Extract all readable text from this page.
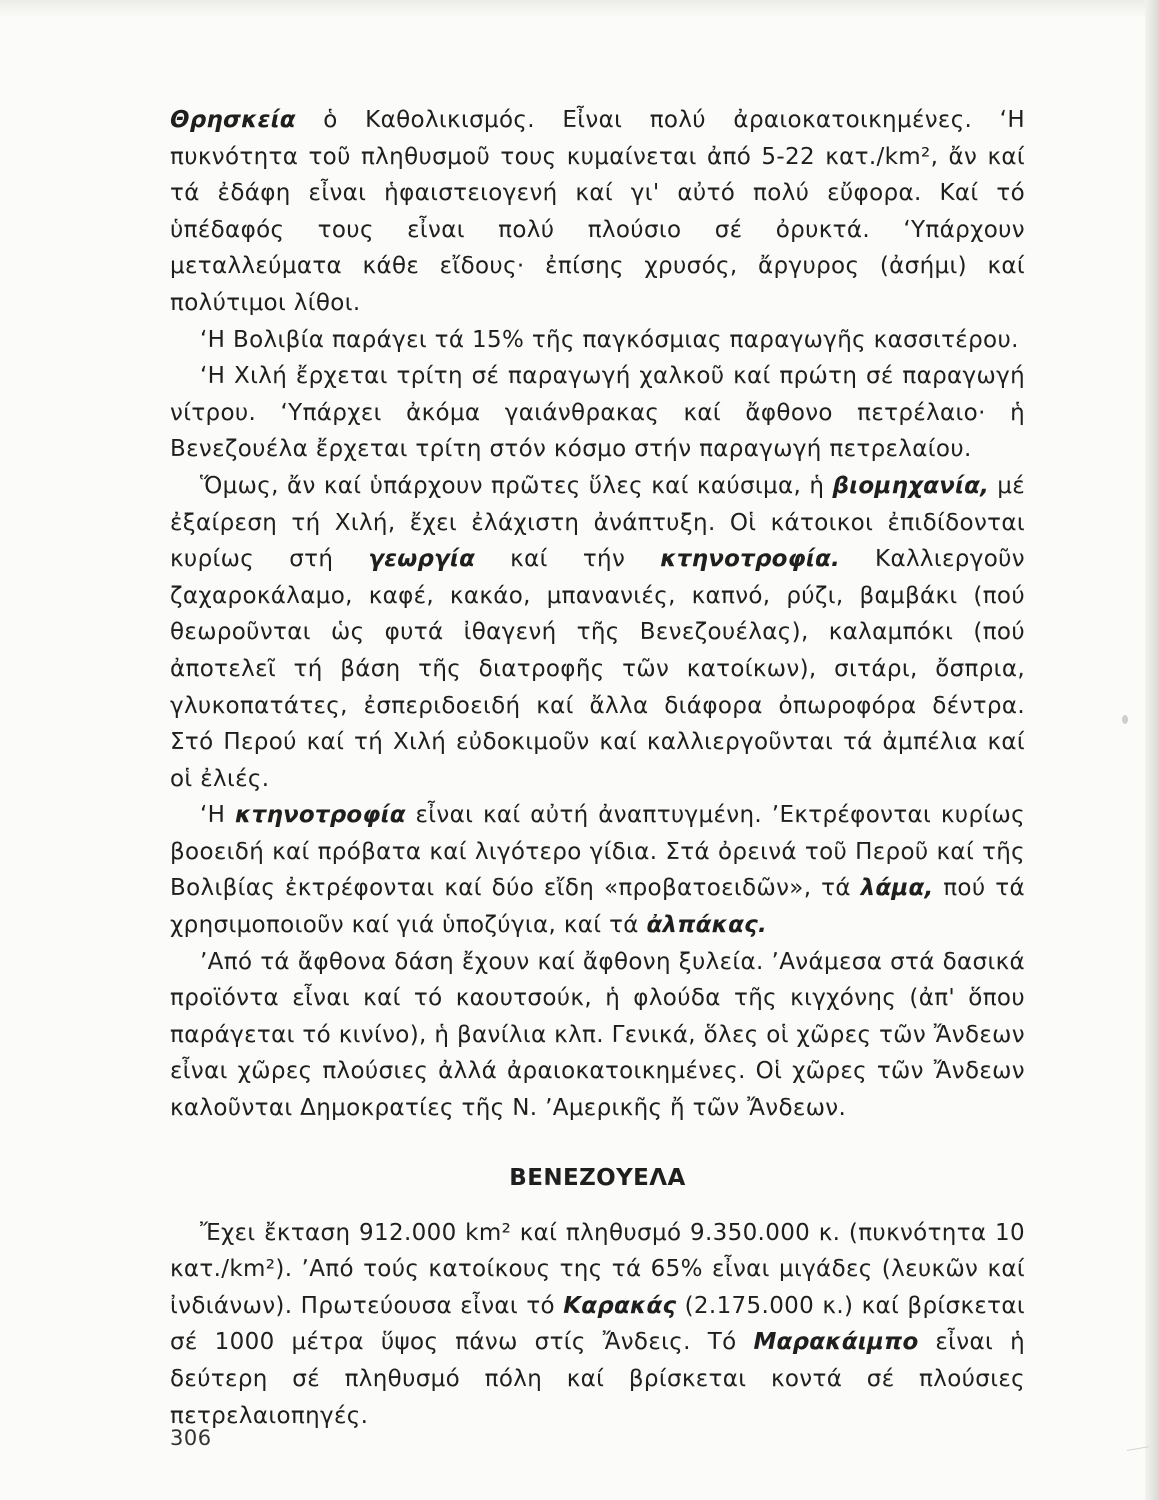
Θρησκεία ὁ Καθολικισμός. Εἶναι πολύ ἀραιοκατοικημένες. ʻΗ πυκνότητα τοῦ πληθυσμοῦ τους κυμαίνεται ἀπό 5-22 κατ./km², ἄν καί τά ἐδάφη εἶναι ἡφαιστειογενή καί γι' αὐτό πολύ εὔφορα. Καί τό ὑπέδαφός τους εἶναι πολύ πλούσιο σέ ὀρυκτά. ʻΥπάρχουν μεταλλεύματα κάθε εἴδους· ἐπίσης χρυσός, ἄργυρος (ἀσήμι) καί πολύτιμοι λίθοι.

ʻΗ Βολιβία παράγει τά 15% τῆς παγκόσμιας παραγωγῆς κασσιτέρου.

ʻΗ Χιλή ἔρχεται τρίτη σέ παραγωγή χαλκοῦ καί πρώτη σέ παραγωγή νίτρου. ʻΥπάρχει ἀκόμα γαιάνθρακας καί ἄφθονο πετρέλαιο· ἡ Βενεζουέλα ἔρχεται τρίτη στόν κόσμο στήν παραγωγή πετρελαίου.

Ὅμως, ἄν καί ὑπάρχουν πρῶτες ὕλες καί καύσιμα, ἡ βιομηχανία, μέ ἐξαίρεση τή Χιλή, ἔχει ἐλάχιστη ἀνάπτυξη. Οἱ κάτοικοι ἐπιδίδονται κυρίως στή γεωργία καί τήν κτηνοτροφία. Καλλιεργοῦν ζαχαροκάλαμο, καφέ, κακάο, μπανανιές, καπνό, ρύζι, βαμβάκι (πού θεωροῦνται ὡς φυτά ἰθαγενή τῆς Βενεζουέλας), καλαμπόκι (πού ἀποτελεῖ τή βάση τῆς διατροφῆς τῶν κατοίκων), σιτάρι, ὄσπρια, γλυκοπατάτες, ἐσπεριδοειδή καί ἄλλα διάφορα ὀπωροφόρα δέντρα. Στό Περού καί τή Χιλή εὐδοκιμοῦν καί καλλιεργοῦνται τά ἀμπέλια καί οἱ ἐλιές.

ʻΗ κτηνοτροφία εἶναι καί αὐτή ἀναπτυγμένη. ʼΕκτρέφονται κυρίως βοοειδή καί πρόβατα καί λιγότερο γίδια. Στά ὀρεινά τοῦ Περοῦ καί τῆς Βολιβίας ἐκτρέφονται καί δύο εἴδη «προβατοειδῶν», τά λάμα, πού τά χρησιμοποιοῦν καί γιά ὑποζύγια, καί τά ἀλπάκας.

ʼΑπό τά ἄφθονα δάση ἔχουν καί ἄφθονη ξυλεία. ʼΑνάμεσα στά δασικά προϊόντα εἶναι καί τό καουτσούκ, ἡ φλούδα τῆς κιγχόνης (ἀπ' ὅπου παράγεται τό κινίνο), ἡ βανίλια κλπ. Γενικά, ὅλες οἱ χῶρες τῶν Ἄνδεων εἶναι χῶρες πλούσιες ἀλλά ἀραιοκατοικημένες. Οἱ χῶρες τῶν Ἄνδεων καλοῦνται Δημοκρατίες τῆς Ν. ʼΑμερικῆς ἤ τῶν Ἄνδεων.

ΒΕΝΕΖΟΥΕΛΑ

Ἔχει ἔκταση 912.000 km² καί πληθυσμό 9.350.000 κ. (πυκνότητα 10 κατ./km²). ʼΑπό τούς κατοίκους της τά 65% εἶναι μιγάδες (λευκῶν καί ἰνδιάνων). Πρωτεύουσα εἶναι τό Καρακάς (2.175.000 κ.) καί βρίσκεται σέ 1000 μέτρα ὕψος πάνω στίς Ἄνδεις. Τό Μαρακάιμπο εἶναι ἡ δεύτερη σέ πληθυσμό πόλη καί βρίσκεται κοντά σέ πλούσιες πετρελαιοπηγές.

306
